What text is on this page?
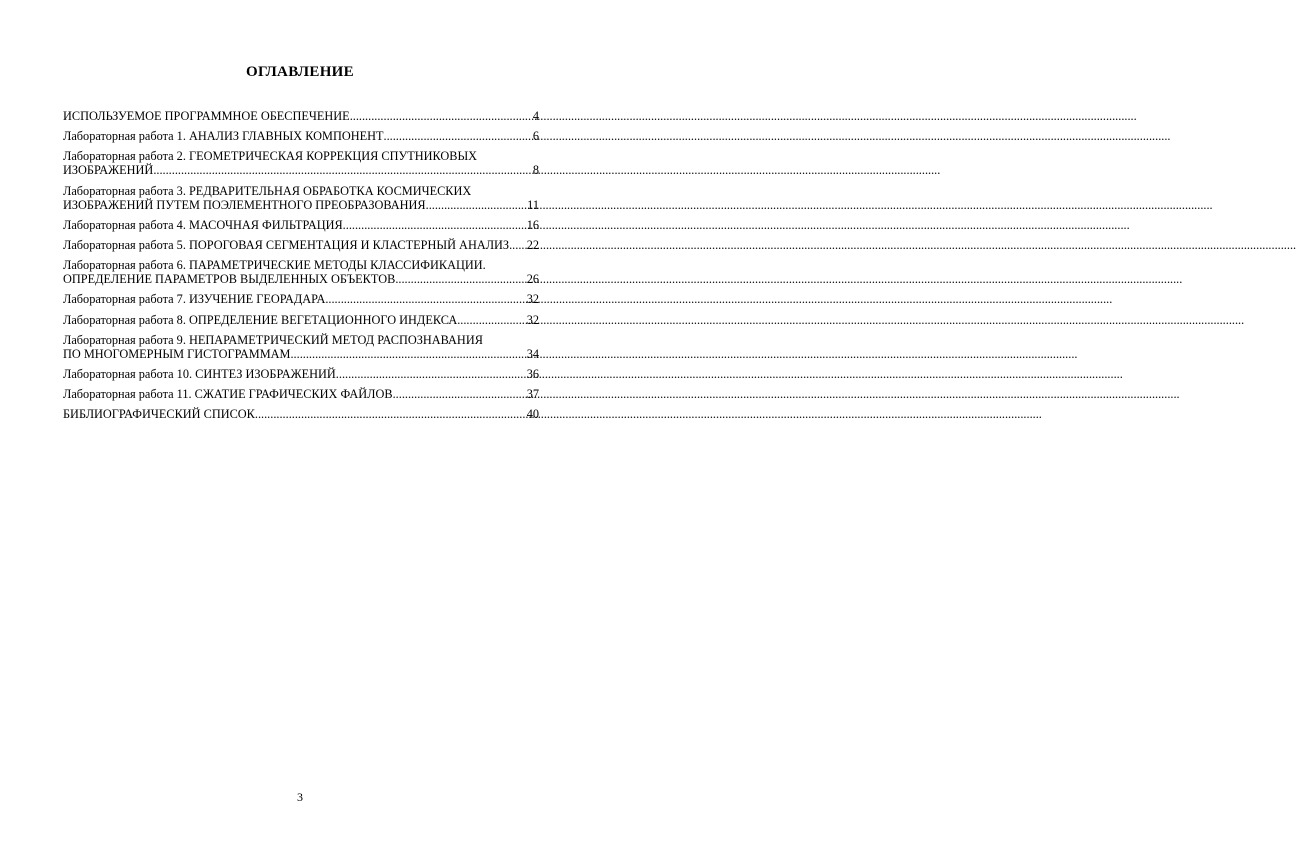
ОГЛАВЛЕНИЕ
ИСПОЛЬЗУЕМОЕ ПРОГРАММНОЕ ОБЕСПЕЧЕНИЕ .....	4
Лабораторная работа 1. АНАЛИЗ ГЛАВНЫХ КОМПОНЕНТ .....	6
Лабораторная работа 2. ГЕОМЕТРИЧЕСКАЯ КОРРЕКЦИЯ СПУТНИКОВЫХ
ИЗОБРАЖЕНИЙ .....	8
Лабораторная работа 3. РЕДВАРИТЕЛЬНАЯ ОБРАБОТКА КОСМИЧЕСКИХ
ИЗОБРАЖЕНИЙ ПУТЕМ ПОЭЛЕМЕНТНОГО ПРЕОБРАЗОВАНИЯ .....	11
Лабораторная работа 4. МАСОЧНАЯ ФИЛЬТРАЦИЯ .....	16
Лабораторная работа 5. ПОРОГОВАЯ СЕГМЕНТАЦИЯ И КЛАСТЕРНЫЙ АНАЛИЗ ..... 22
Лабораторная работа 6. ПАРАМЕТРИЧЕСКИЕ МЕТОДЫ КЛАССИФИКАЦИИ.
ОПРЕДЕЛЕНИЕ ПАРАМЕТРОВ ВЫДЕЛЕННЫХ ОБЪЕКТОВ .....	26
Лабораторная работа 7. ИЗУЧЕНИЕ ГЕОРАДАРА .....	32
Лабораторная работа 8. ОПРЕДЕЛЕНИЕ ВЕГЕТАЦИОННОГО ИНДЕКСА .....	32
Лабораторная работа 9. НЕПАРАМЕТРИЧЕСКИЙ МЕТОД РАСПОЗНАВАНИЯ
ПО МНОГОМЕРНЫМ ГИСТОГРАММАМ .....	34
Лабораторная работа 10. СИНТЕЗ ИЗОБРАЖЕНИЙ .....	36
Лабораторная работа 11. СЖАТИЕ ГРАФИЧЕСКИХ ФАЙЛОВ .....	37
БИБЛИОГРАФИЧЕСКИЙ СПИСОК .....	40
3
